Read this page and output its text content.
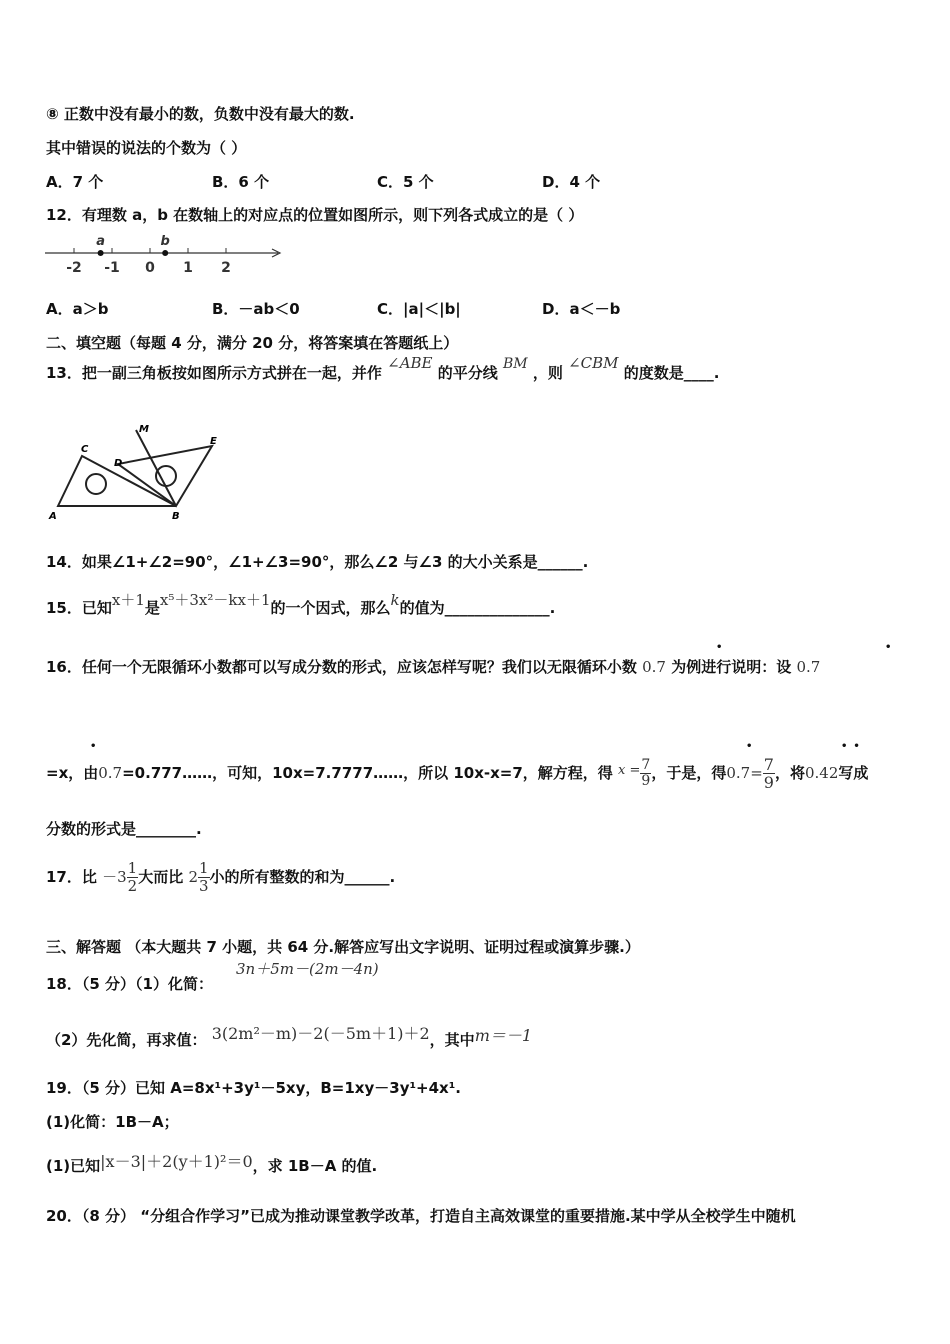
⑧ 正数中没有最小的数，负数中没有最大的数.
其中错误的说法的个数为（ ）
A．7 个	B．6 个	C．5 个	D．4 个
12．有理数 a，b 在数轴上的对应点的位置如图所示，则下列各式成立的是（ ）
-2 -1 0 1 2
a	b
A．a＞b	B．－ab＜0	C．|a|＜|b|	D．a＜－b
二、填空题（每题 4 分，满分 20 分，将答案填在答题纸上）
13．把一副三角板按如图所示方式拼在一起，并作 ∠ABE 的平分线 BM ，则 ∠CBM 的度数是____.
M
E
C
D
A	B
14．如果∠1+∠2=90°，∠1+∠3=90°，那么∠2 与∠3 的大小关系是______.
15．已知x＋1是x⁵＋3x²－kx＋1的一个因式，那么k的值为______________.
16．任何一个无限循环小数都可以写成分数的形式，应该怎样写呢？我们以无限循环小数 0.7 为例进行说明：设 0.7
•	•
=x，由0.7=0.777……，可知，10x=7.7777……，所以 10x-x=7，解方程，得 $x = \frac{7}{9}$ ，于是，得$0.7= \frac{7}{9}$ ，将0.42写成
•	•	••
分数的形式是________.
17．比 $-3 \frac{1}{2}$ 大而比 $2 \frac{1}{3}$ 小的所有整数的和为______.
三、解答题 （本大题共 7 小题，共 64 分.解答应写出文字说明、证明过程或演算步骤.）
3n＋5m－(2m－4n)
18．（5 分）（1）化简：
（2）先化简，再求值： 3(2m²－m)－2(－5m＋1)＋2，其中m＝－1
19．（5 分）已知 A=8x¹+3y¹－5xy，B=1xy－3y¹+4x¹.
(1)化简：1B－A；
(1)已知|x－3|＋2(y＋1)²＝0，求 1B－A 的值.
20．（8 分） “分组合作学习”已成为推动课堂教学改革，打造自主高效课堂的重要措施.某中学从全校学生中随机
